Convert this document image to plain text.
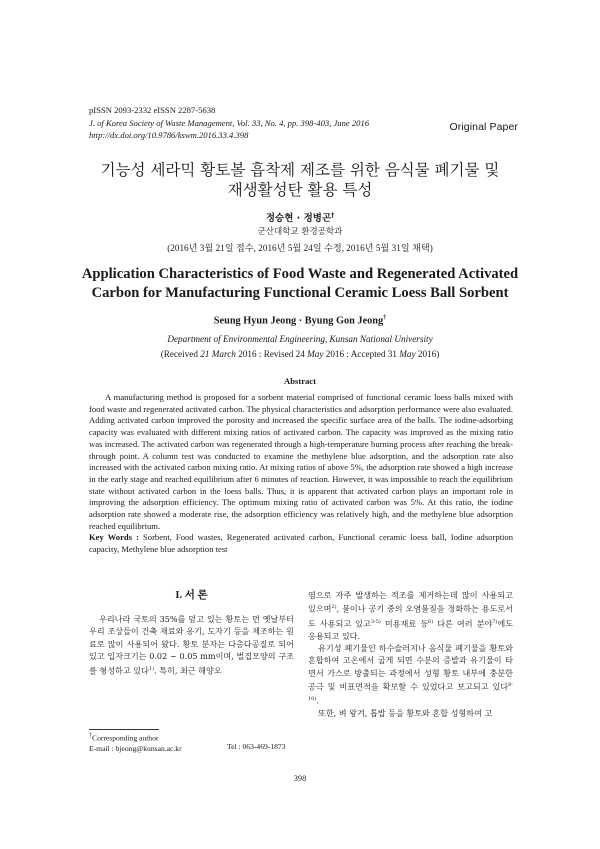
pISSN 2093-2332 eISSN 2287-5638
J. of Korea Society of Waste Management, Vol. 33, No. 4, pp. 398-403, June 2016
http://dx.doi.org/10.9786/kswm.2016.33.4.398
Original Paper
기능성 세라믹 황토볼 흡착제 제조를 위한 음식물 폐기물 및
재생활성탄 활용 특성
정승현 · 정병곤†
군산대학교 환경공학과
(2016년 3월 21일 접수, 2016년 5월 24일 수정, 2016년 5월 31일 채택)
Application Characteristics of Food Waste and Regenerated Activated
Carbon for Manufacturing Functional Ceramic Loess Ball Sorbent
Seung Hyun Jeong · Byung Gon Jeong†
Department of Environmental Engineering, Kunsan National University
(Received 21 March 2016 : Revised 24 May 2016 : Accepted 31 May 2016)
Abstract

A manufacturing method is proposed for a sorbent material comprised of functional ceramic loess balls mixed with food waste and regenerated activated carbon. The physical characteristics and adsorption performance were also evaluated. Adding activated carbon improved the porosity and increased the specific surface area of the balls. The iodine-adsorbing capacity was evaluated with different mixing ratios of activated carbon. The capacity was improved as the mixing ratio was increased. The activated carbon was regenerated through a high-temperature burning process after reaching the break-through point. A column test was conducted to examine the methylene blue adsorption, and the adsorption rate also increased with the activated carbon mixing ratio. At mixing ratios of above 5%, the adsorption rate showed a high increase in the early stage and reached equilibrium after 6 minutes of reaction. However, it was impossible to reach the equilibrium state without activated carbon in the loess balls. Thus, it is apparent that activated carbon plays an important role in improving the adsorption efficiency. The optimum mixing ratio of activated carbon was 5%. At this ratio, the iodine adsorption rate showed a moderate rise, the adsorption efficiency was relatively high, and the methylene blue adsorption reached equilibrium.

Key Words : Sorbent, Food wastes, Regenerated activated carbon, Functional ceramic loess ball, Iodine adsorption capacity, Methylene blue adsorption test

I. 서 론

우리나라 국토의 35%를 덮고 있는 황토는 먼 옛날부터 우리 조상들이 건축 재료와 옹기, 도자기 등을 제조하는 원료로 많이 사용되어 왔다. 황토 분자는 다층다공질로 되어 있고 입자크기는 0.02 ~ 0.05 mm이며, 벌집모양의 구조를 형성하고 있다$^{1)}$. 특히, 최근 해양오

염으로 자주 발생하는 적조를 제거하는데 많이 사용되고 있으며$^{2)}$, 물이나 공기 중의 오염물질을 정화하는 용도로서도 사용되고 있고$^{3-5)}$ 미용재료 등$^{6)}$ 다른 여러 분야$^{7)}$에도 응용되고 있다.

유기성 폐기물인 하수슬러지나 음식물 폐기물을 황토와 혼합하여 고온에서 굽게 되면 수분의 증발과 유기물이 타면서 가스로 방출되는 과정에서 성형 황토 내부에 충분한 공극 및 비표면적을 확보할 수 있었다고 보고되고 있다$^{8-10)}$.

또한, 벼 왕겨, 톱밥 등을 황토와 혼합 성형하여 고

†Corresponding author
E-mail : bjeong@kunsan.ac.kr	Tel : 063-469-1873
398
